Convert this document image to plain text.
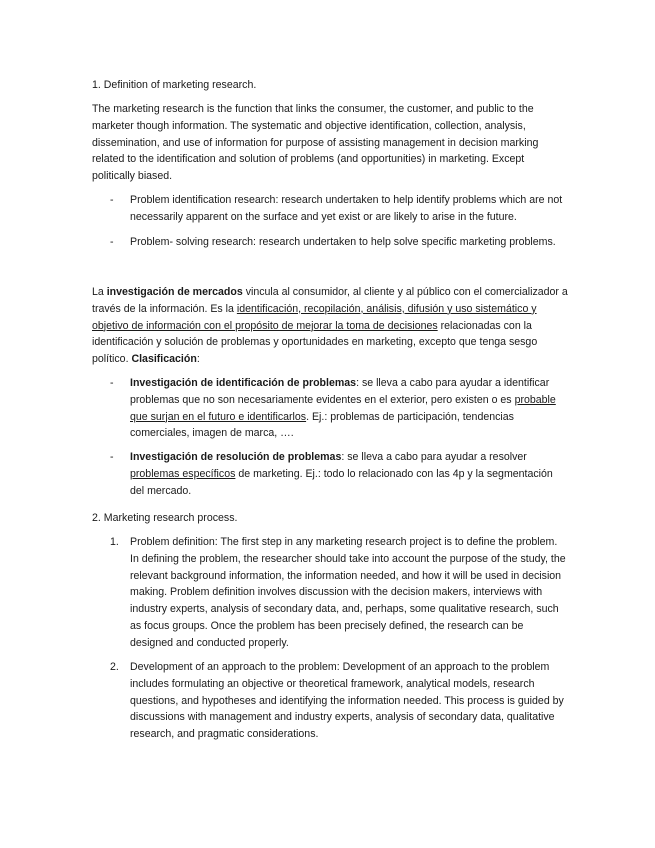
1. Definition of marketing research.

The marketing research is the function that links the consumer, the customer, and public to the marketer though information. The systematic and objective identification, collection, analysis, dissemination, and use of information for purpose of assisting management in decision marking related to the identification and solution of problems (and opportunities) in marketing. Except politically biased.

- Problem identification research: research undertaken to help identify problems which are not necessarily apparent on the surface and yet exist or are likely to arise in the future.

- Problem- solving research: research undertaken to help solve specific marketing problems.

La investigación de mercados vincula al consumidor, al cliente y al público con el comercializador a través de la información. Es la identificación, recopilación, análisis, difusión y uso sistemático y objetivo de información con el propósito de mejorar la toma de decisiones relacionadas con la identificación y solución de problemas y oportunidades en marketing, excepto que tenga sesgo político. Clasificación:

- Investigación de identificación de problemas: se lleva a cabo para ayudar a identificar problemas que no son necesariamente evidentes en el exterior, pero existen o es probable que surjan en el futuro e identificarlos. Ej.: problemas de participación, tendencias comerciales, imagen de marca, ….

- Investigación de resolución de problemas: se lleva a cabo para ayudar a resolver problemas específicos de marketing. Ej.: todo lo relacionado con las 4p y la segmentación del mercado.

2. Marketing research process.

1. Problem definition: The first step in any marketing research project is to define the problem. In defining the problem, the researcher should take into account the purpose of the study, the relevant background information, the information needed, and how it will be used in decision making. Problem definition involves discussion with the decision makers, interviews with industry experts, analysis of secondary data, and, perhaps, some qualitative research, such as focus groups. Once the problem has been precisely defined, the research can be designed and conducted properly.

2. Development of an approach to the problem: Development of an approach to the problem includes formulating an objective or theoretical framework, analytical models, research questions, and hypotheses and identifying the information needed. This process is guided by discussions with management and industry experts, analysis of secondary data, qualitative research, and pragmatic considerations.
